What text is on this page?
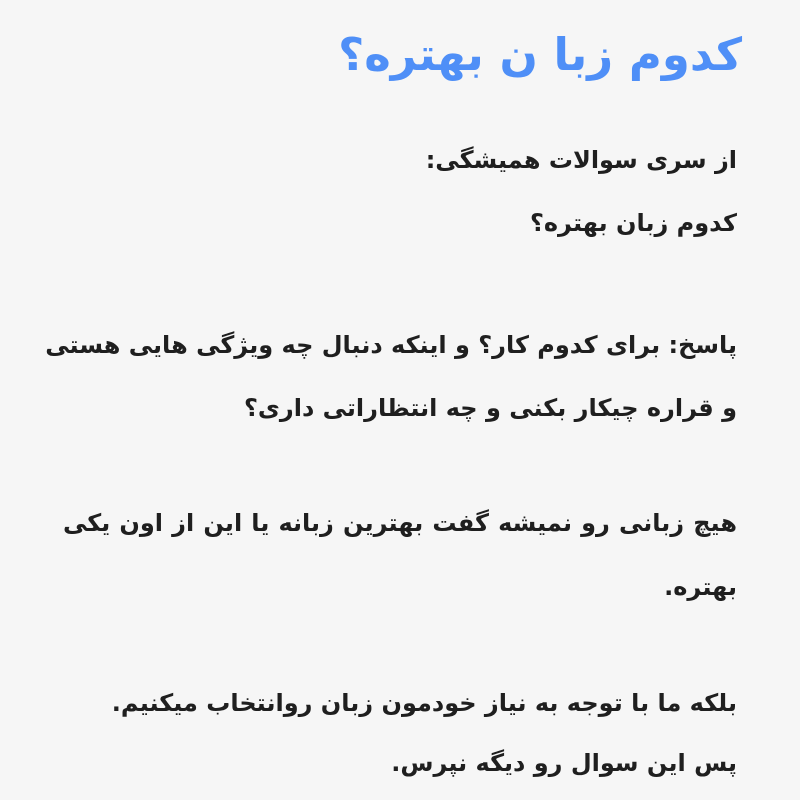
کدوم زبا ن بهتره؟

از سری سوالات همیشگی:

کدوم زبان بهتره؟

پاسخ: برای کدوم کار؟ و اینکه دنبال چه ویژگی هایی هستی

و قراره چیکار بکنی و چه انتظاراتی داری؟

هیچ زبانی رو نمیشه گفت بهترین زبانه یا این از اون یکی

بهتره.

بلکه ما با توجه به نیاز خودمون زبان روانتخاب میکنیم.

پس این سوال رو دیگه نپرس.
